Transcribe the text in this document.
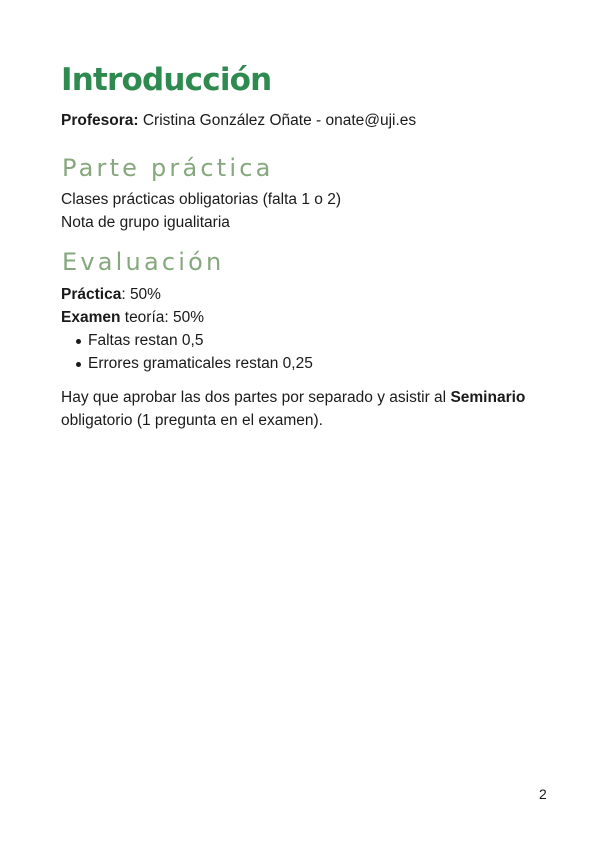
Introducción
Profesora: Cristina González Oñate - onate@uji.es
Parte práctica
Clases prácticas obligatorias (falta 1 o 2)
Nota de grupo igualitaria
Evaluación
Práctica: 50%
Examen teoría: 50%
Faltas restan 0,5
Errores gramaticales restan 0,25

Hay que aprobar las dos partes por separado y asistir al Seminario obligatorio (1 pregunta en el examen).

2
